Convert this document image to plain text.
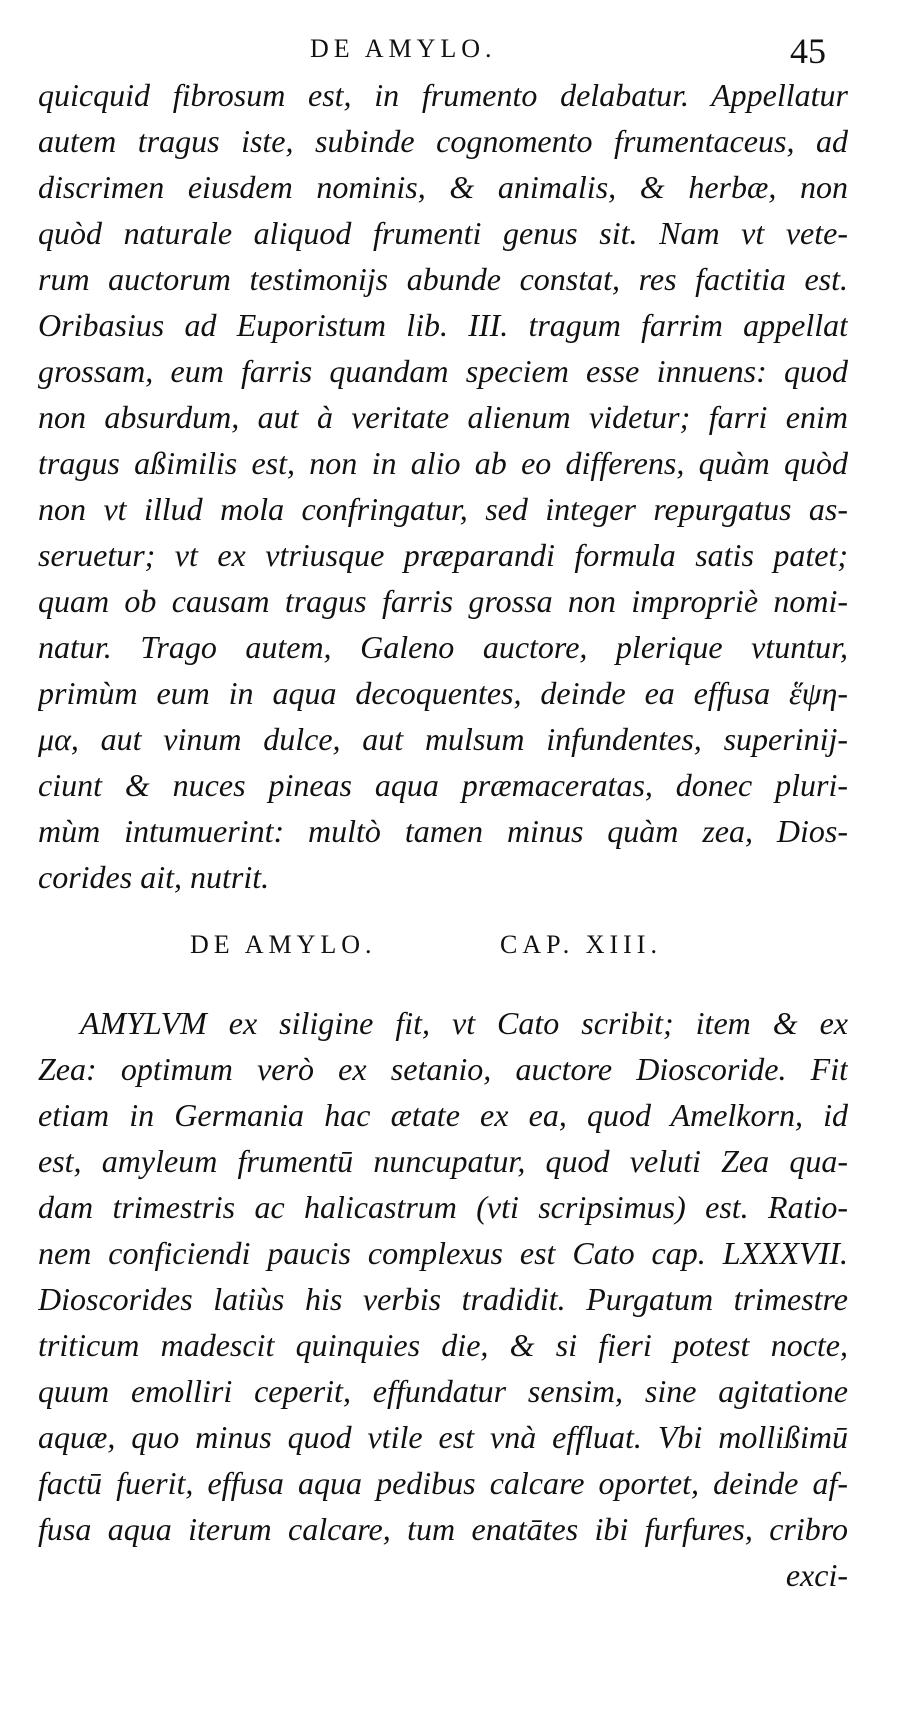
DE AMYLO.	45
quicquid fibrosum est, in frumento delabatur. Appellatur
autem tragus iste, subinde cognomento frumentaceus, ad
discrimen eiusdem nominis, & animalis, & herbæ, non
quòd naturale aliquod frumenti genus sit. Nam vt vete-
rum auctorum testimonijs abunde constat, res factitia est.
Oribasius ad Euporistum lib. III. tragum farrim appellat
grossam, eum farris quandam speciem esse innuens: quod
non absurdum, aut à veritate alienum videtur; farri enim
tragus aßimilis est, non in alio ab eo differens, quàm quòd
non vt illud mola confringatur, sed integer repurgatus as-
seruetur; vt ex vtriusque præparandi formula satis patet;
quam ob causam tragus farris grossa non impropriè nomi-
natur. Trago autem, Galeno auctore, plerique vtuntur,
primùm eum in aqua decoquentes, deinde ea effusa ἕψη-
μα, aut vinum dulce, aut mulsum infundentes, superinij-
ciunt & nuces pineas aqua præmaceratas, donec pluri-
mùm intumuerint: multò tamen minus quàm zea, Dios-
corides ait, nutrit.
DE AMYLO.	CAP. XIII.
AMYLVM ex siligine fit, vt Cato scribit; item & ex
Zea: optimum verò ex setanio, auctore Dioscoride. Fit
etiam in Germania hac ætate ex ea, quod Amelkorn, id
est, amyleum frumentū nuncupatur, quod veluti Zea qua-
dam trimestris ac halicastrum (vti scripsimus) est. Ratio-
nem conficiendi paucis complexus est Cato cap. LXXXVII.
Dioscorides latiùs his verbis tradidit. Purgatum trimestre
triticum madescit quinquies die, & si fieri potest nocte,
quum emolliri ceperit, effundatur sensim, sine agitatione
aquæ, quo minus quod vtile est vnà effluat. Vbi mollißimū
factū fuerit, effusa aqua pedibus calcare oportet, deinde af-
fusa aqua iterum calcare, tum enatātes ibi furfures, cribro
exci-
